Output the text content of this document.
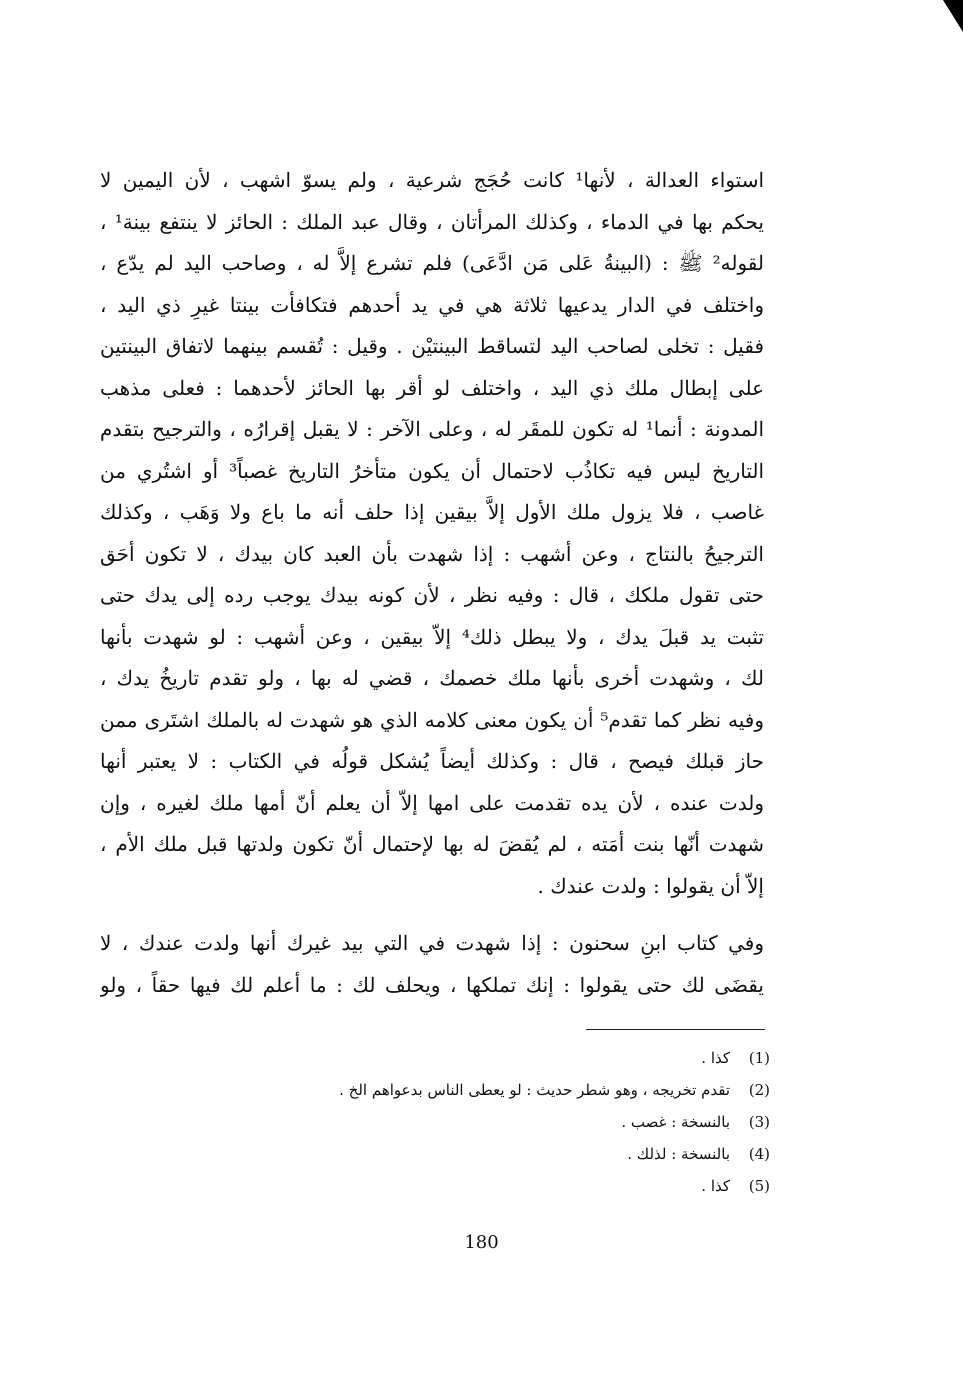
استواء العدالة ، لأنها¹ كانت حُجَج شرعية ، ولم يسوّ اشهب ، لأن اليمين لا
يحكم بها في الدماء ، وكذلك المرأتان ، وقال عبد الملك : الحائز لا ينتفع بينة¹ ،
لقوله² ﷺ : (البينةُ عَلى مَن ادَّعَى) فلم تشرع إلاَّ له ، وصاحب اليد لم يدّع ،
واختلف في الدار يدعيها ثلاثة هي في يد أحدهم فتكافأت بينتا غيرِ ذي اليد ،
فقيل : تخلى لصاحب اليد لتساقط البينتيْن . وقيل : تُقسم بينهما لاتفاق البينتين
على إبطال ملك ذي اليد ، واختلف لو أقر بها الحائز لأحدهما : فعلى مذهب
المدونة : أنما¹ له تكون للمقَر له ، وعلى الآخر : لا يقبل إقرارُه ، والترجيح بتقدم
التاريخ ليس فيه تكاذُب لاحتمال أن يكون متأخرُ التاريخ غصباً³ أو اشتُري من
غاصب ، فلا يزول ملك الأول إلاَّ بيقين إذا حلف أنه ما باع ولا وَهَب ، وكذلك
الترجيحُ بالنتاج ، وعن أشهب : إذا شهدت بأن العبد كان بيدك ، لا تكون أحَق
حتى تقول ملكك ، قال : وفيه نظر ، لأن كونه بيدك يوجب رده إلى يدك حتى
تثبت يد قبلَ يدك ، ولا يبطل ذلك⁴ إلاّ بيقين ، وعن أشهب : لو شهدت بأنها
لك ، وشهدت أخرى بأنها ملك خصمك ، قضي له بها ، ولو تقدم تاريخُ يدك ،
وفيه نظر كما تقدم⁵ أن يكون معنى كلامه الذي هو شهدت له بالملك اشتَرى ممن
حاز قبلك فيصح ، قال : وكذلك أيضاً يُشكل قولُه في الكتاب : لا يعتبر أنها
ولدت عنده ، لأن يده تقدمت على امها إلاّ أن يعلم أنّ أمها ملك لغيره ، وإن
شهدت أنّها بنت أمَته ، لم يُقضَ له بها لإحتمال أنّ تكون ولدتها قبل ملك الأم ،
إلاّ أن يقولوا : ولدت عندك .
وفي كتاب ابنِ سحنون : إذا شهدت في التي بيد غيرك أنها ولدت عندك ، لا
يقضَى لك حتى يقولوا : إنك تملكها ، ويحلف لك : ما أعلم لك فيها حقاً ، ولو
(1)كذا .
(2)تقدم تخريجه ، وهو شطر حديث : لو يعطى الناس بدعواهم الخ .
(3)بالنسخة : غصب .
(4)بالنسخة : لذلك .
(5)كذا .
180
